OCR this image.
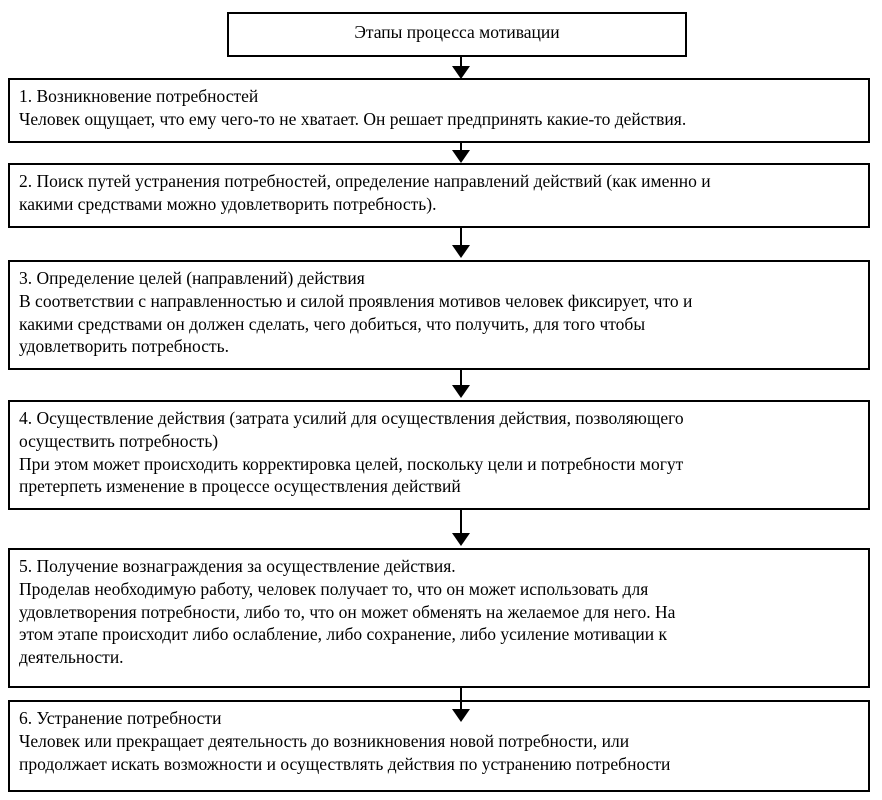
Этапы процесса мотивации
1. Возникновение потребностей
Человек ощущает, что ему чего-то не хватает. Он решает предпринять какие-то действия.
2. Поиск путей устранения потребностей, определение направлений действий (как именно и
какими средствами можно удовлетворить потребность).
3. Определение целей (направлений) действия
В соответствии с направленностью и силой проявления мотивов человек фиксирует, что и
какими средствами он должен сделать, чего добиться, что получить, для того чтобы
удовлетворить потребность.
4. Осуществление действия (затрата усилий для осуществления действия, позволяющего
осуществить потребность)
При этом может происходить корректировка целей, поскольку цели и потребности могут
претерпеть изменение в процессе осуществления действий
5. Получение вознаграждения за осуществление действия.
Проделав необходимую работу, человек получает то, что он может использовать для
удовлетворения потребности, либо то, что он может обменять на желаемое для него. На
этом этапе происходит либо ослабление, либо сохранение, либо усиление мотивации к
деятельности.
6. Устранение потребности
Человек или прекращает деятельность до возникновения новой потребности, или
продолжает искать возможности и осуществлять действия по устранению потребности
